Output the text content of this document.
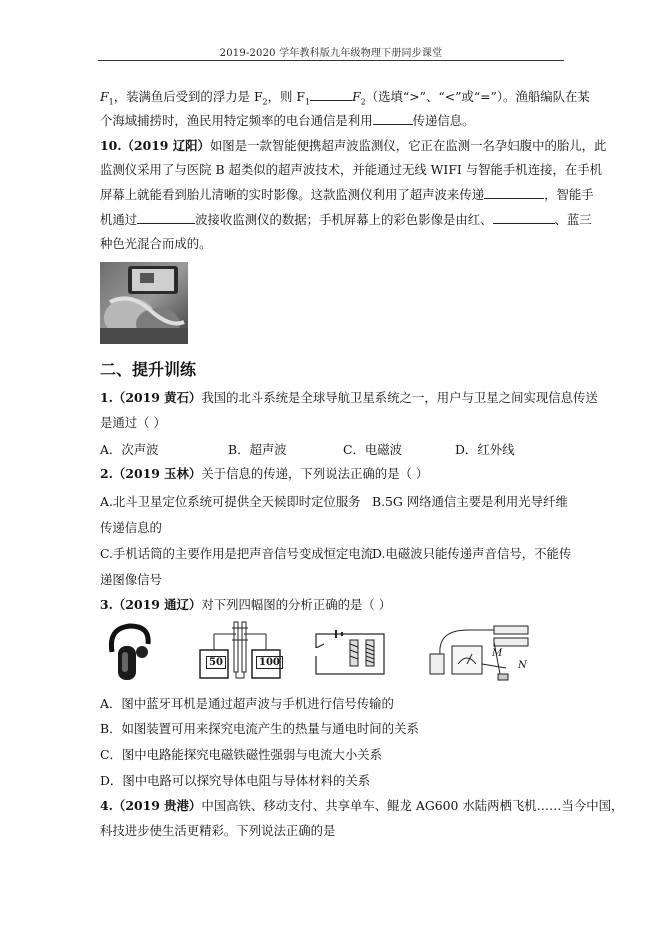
2019-2020 学年教科版九年级物理下册同步课堂
$F_1$，装满鱼后受到的浮力是 $F_2$，则 $F_1$	$F_2$（选填“>”、“<”或“=”）。渔船编队在某
个海域捕捞时，渔民用特定频率的电台通信是利用	传递信息。
10.（2019 辽阳）如图是一款智能便携超声波监测仪，它正在监测一名孕妇腹中的胎儿，此
监测仪采用了与医院 B 超类似的超声波技术，并能通过无线 WIFI 与智能手机连接，在手机
屏幕上就能看到胎儿清晰的实时影像。这款监测仪利用了超声波来传递	，智能手
机通过	波接收监测仪的数据；手机屏幕上的彩色影像是由红、	、蓝三
种色光混合而成的。
二、提升训练
1.（2019 黄石）我国的北斗系统是全球导航卫星系统之一，用户与卫星之间实现信息传送
是通过（ ）
A．次声波	B．超声波	C．电磁波	D．红外线
2.（2019 玉林）关于信息的传递，下列说法正确的是（ ）
A.北斗卫星定位系统可提供全天候即时定位服务 B.5G 网络通信主要是利用光导纤维
传递信息的
C.手机话筒的主要作用是把声音信号变成恒定电流
D.电磁波只能传递声音信号，不能传
递图像信号
3.（2019 通辽）对下列四幅图的分析正确的是（ ）
50	100
M
N
A．图中蓝牙耳机是通过超声波与手机进行信号传输的
B．如图装置可用来探究电流产生的热量与通电时间的关系
C．图中电路能探究电磁铁磁性强弱与电流大小关系
D．图中电路可以探究导体电阻与导体材料的关系
4.（2019 贵港）中国高铁、移动支付、共享单车、鲲龙 AG600 水陆两栖飞机……当今中国，
科技进步使生活更精彩。下列说法正确的是
